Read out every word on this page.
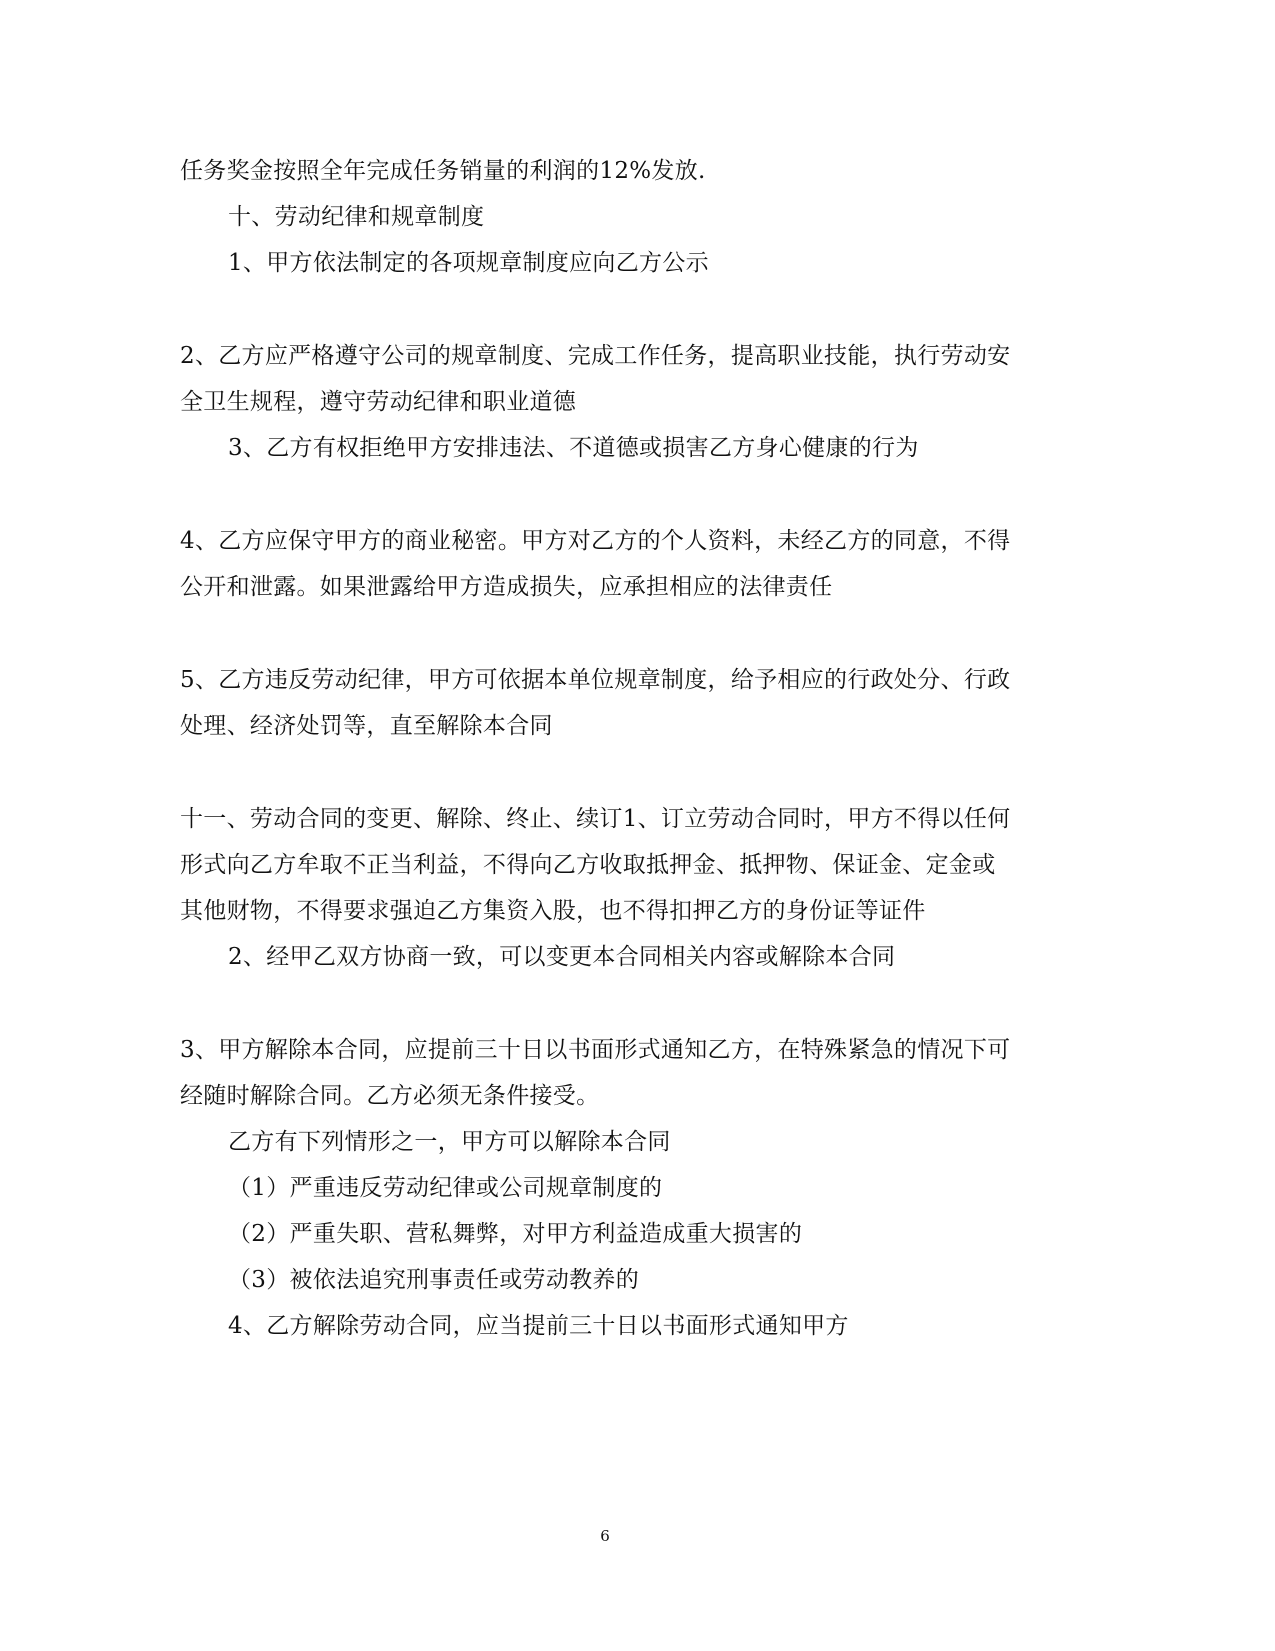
任务奖金按照全年完成任务销量的利润的12%发放.
十、劳动纪律和规章制度
1、甲方依法制定的各项规章制度应向乙方公示
2、乙方应严格遵守公司的规章制度、完成工作任务，提高职业技能，执行劳动安
全卫生规程，遵守劳动纪律和职业道德
3、乙方有权拒绝甲方安排违法、不道德或损害乙方身心健康的行为
4、乙方应保守甲方的商业秘密。甲方对乙方的个人资料，未经乙方的同意，不得
公开和泄露。如果泄露给甲方造成损失，应承担相应的法律责任
5、乙方违反劳动纪律，甲方可依据本单位规章制度，给予相应的行政处分、行政
处理、经济处罚等，直至解除本合同
十一、劳动合同的变更、解除、终止、续订1、订立劳动合同时，甲方不得以任何
形式向乙方牟取不正当利益，不得向乙方收取抵押金、抵押物、保证金、定金或
其他财物，不得要求强迫乙方集资入股，也不得扣押乙方的身份证等证件
2、经甲乙双方协商一致，可以变更本合同相关内容或解除本合同
3、甲方解除本合同，应提前三十日以书面形式通知乙方，在特殊紧急的情况下可
经随时解除合同。乙方必须无条件接受。
乙方有下列情形之一，甲方可以解除本合同
（1）严重违反劳动纪律或公司规章制度的
（2）严重失职、营私舞弊，对甲方利益造成重大损害的
（3）被依法追究刑事责任或劳动教养的
4、乙方解除劳动合同，应当提前三十日以书面形式通知甲方
6
